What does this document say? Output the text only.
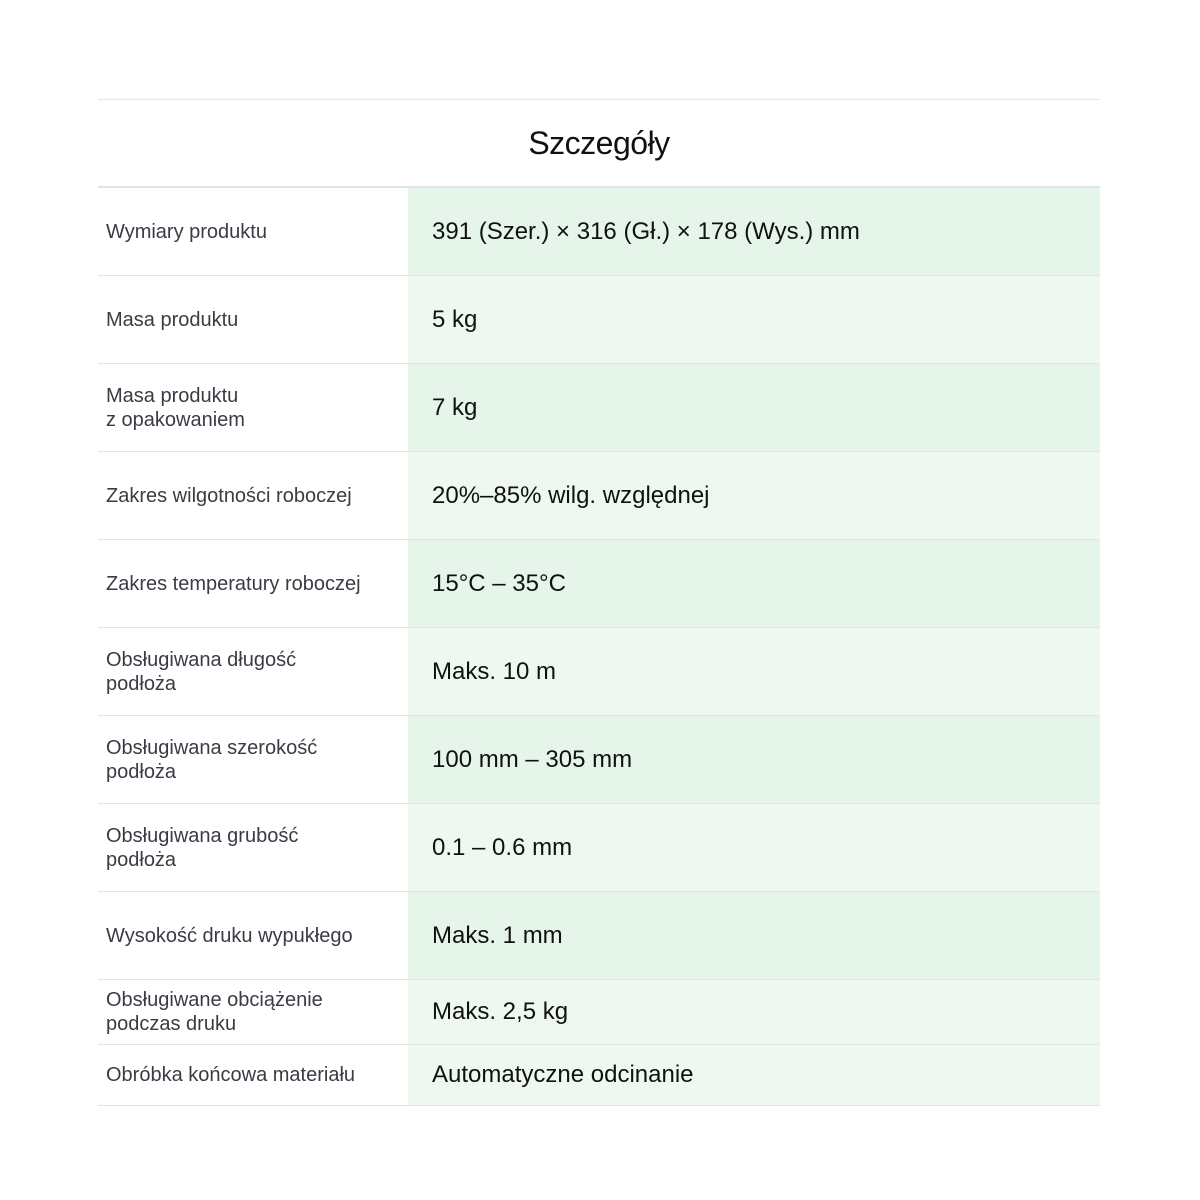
Szczegóły
Wymiary produktu	391 (Szer.) × 316 (Gł.) × 178 (Wys.) mm
Masa produktu	5 kg
Masa produktu
z opakowaniem	7 kg
Zakres wilgotności roboczej	20%–85% wilg. względnej
Zakres temperatury roboczej	15°C – 35°C
Obsługiwana długość
podłoża	Maks. 10 m
Obsługiwana szerokość
podłoża	100 mm – 305 mm
Obsługiwana grubość
podłoża	0.1 – 0.6 mm
Wysokość druku wypukłego	Maks. 1 mm
Obsługiwane obciążenie
podczas druku	Maks. 2,5 kg
Obróbka końcowa materiału	Automatyczne odcinanie
